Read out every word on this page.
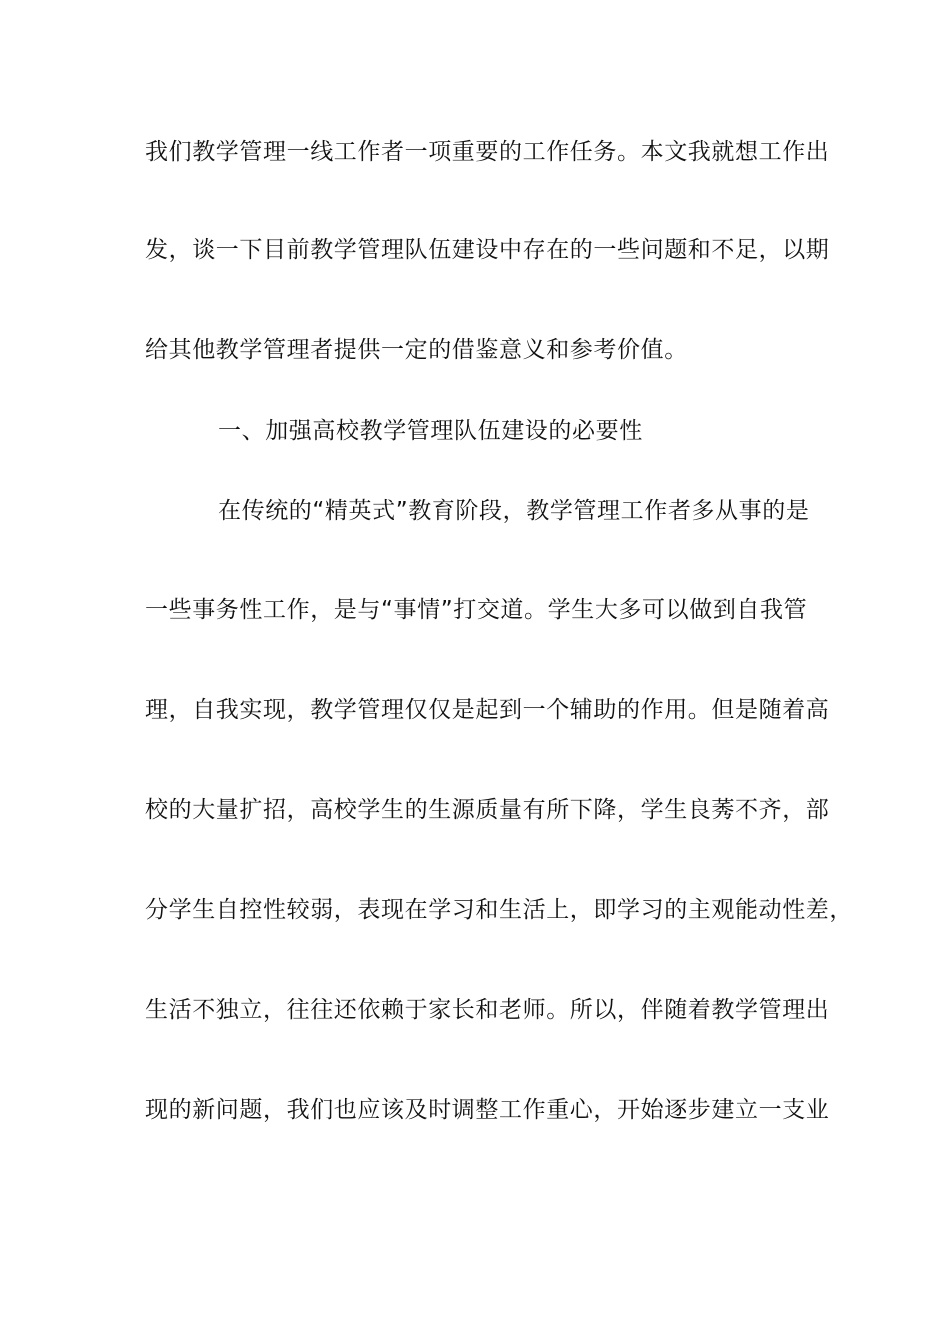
我们教学管理一线工作者一项重要的工作任务。本文我就想工作出
发，谈一下目前教学管理队伍建设中存在的一些问题和不足，以期
给其他教学管理者提供一定的借鉴意义和参考价值。
一、加强高校教学管理队伍建设的必要性
在传统的“精英式”教育阶段，教学管理工作者多从事的是
一些事务性工作，是与“事情”打交道。学生大多可以做到自我管
理，自我实现，教学管理仅仅是起到一个辅助的作用。但是随着高
校的大量扩招，高校学生的生源质量有所下降，学生良莠不齐，部
分学生自控性较弱，表现在学习和生活上，即学习的主观能动性差，
生活不独立，往往还依赖于家长和老师。所以，伴随着教学管理出
现的新问题，我们也应该及时调整工作重心，开始逐步建立一支业
